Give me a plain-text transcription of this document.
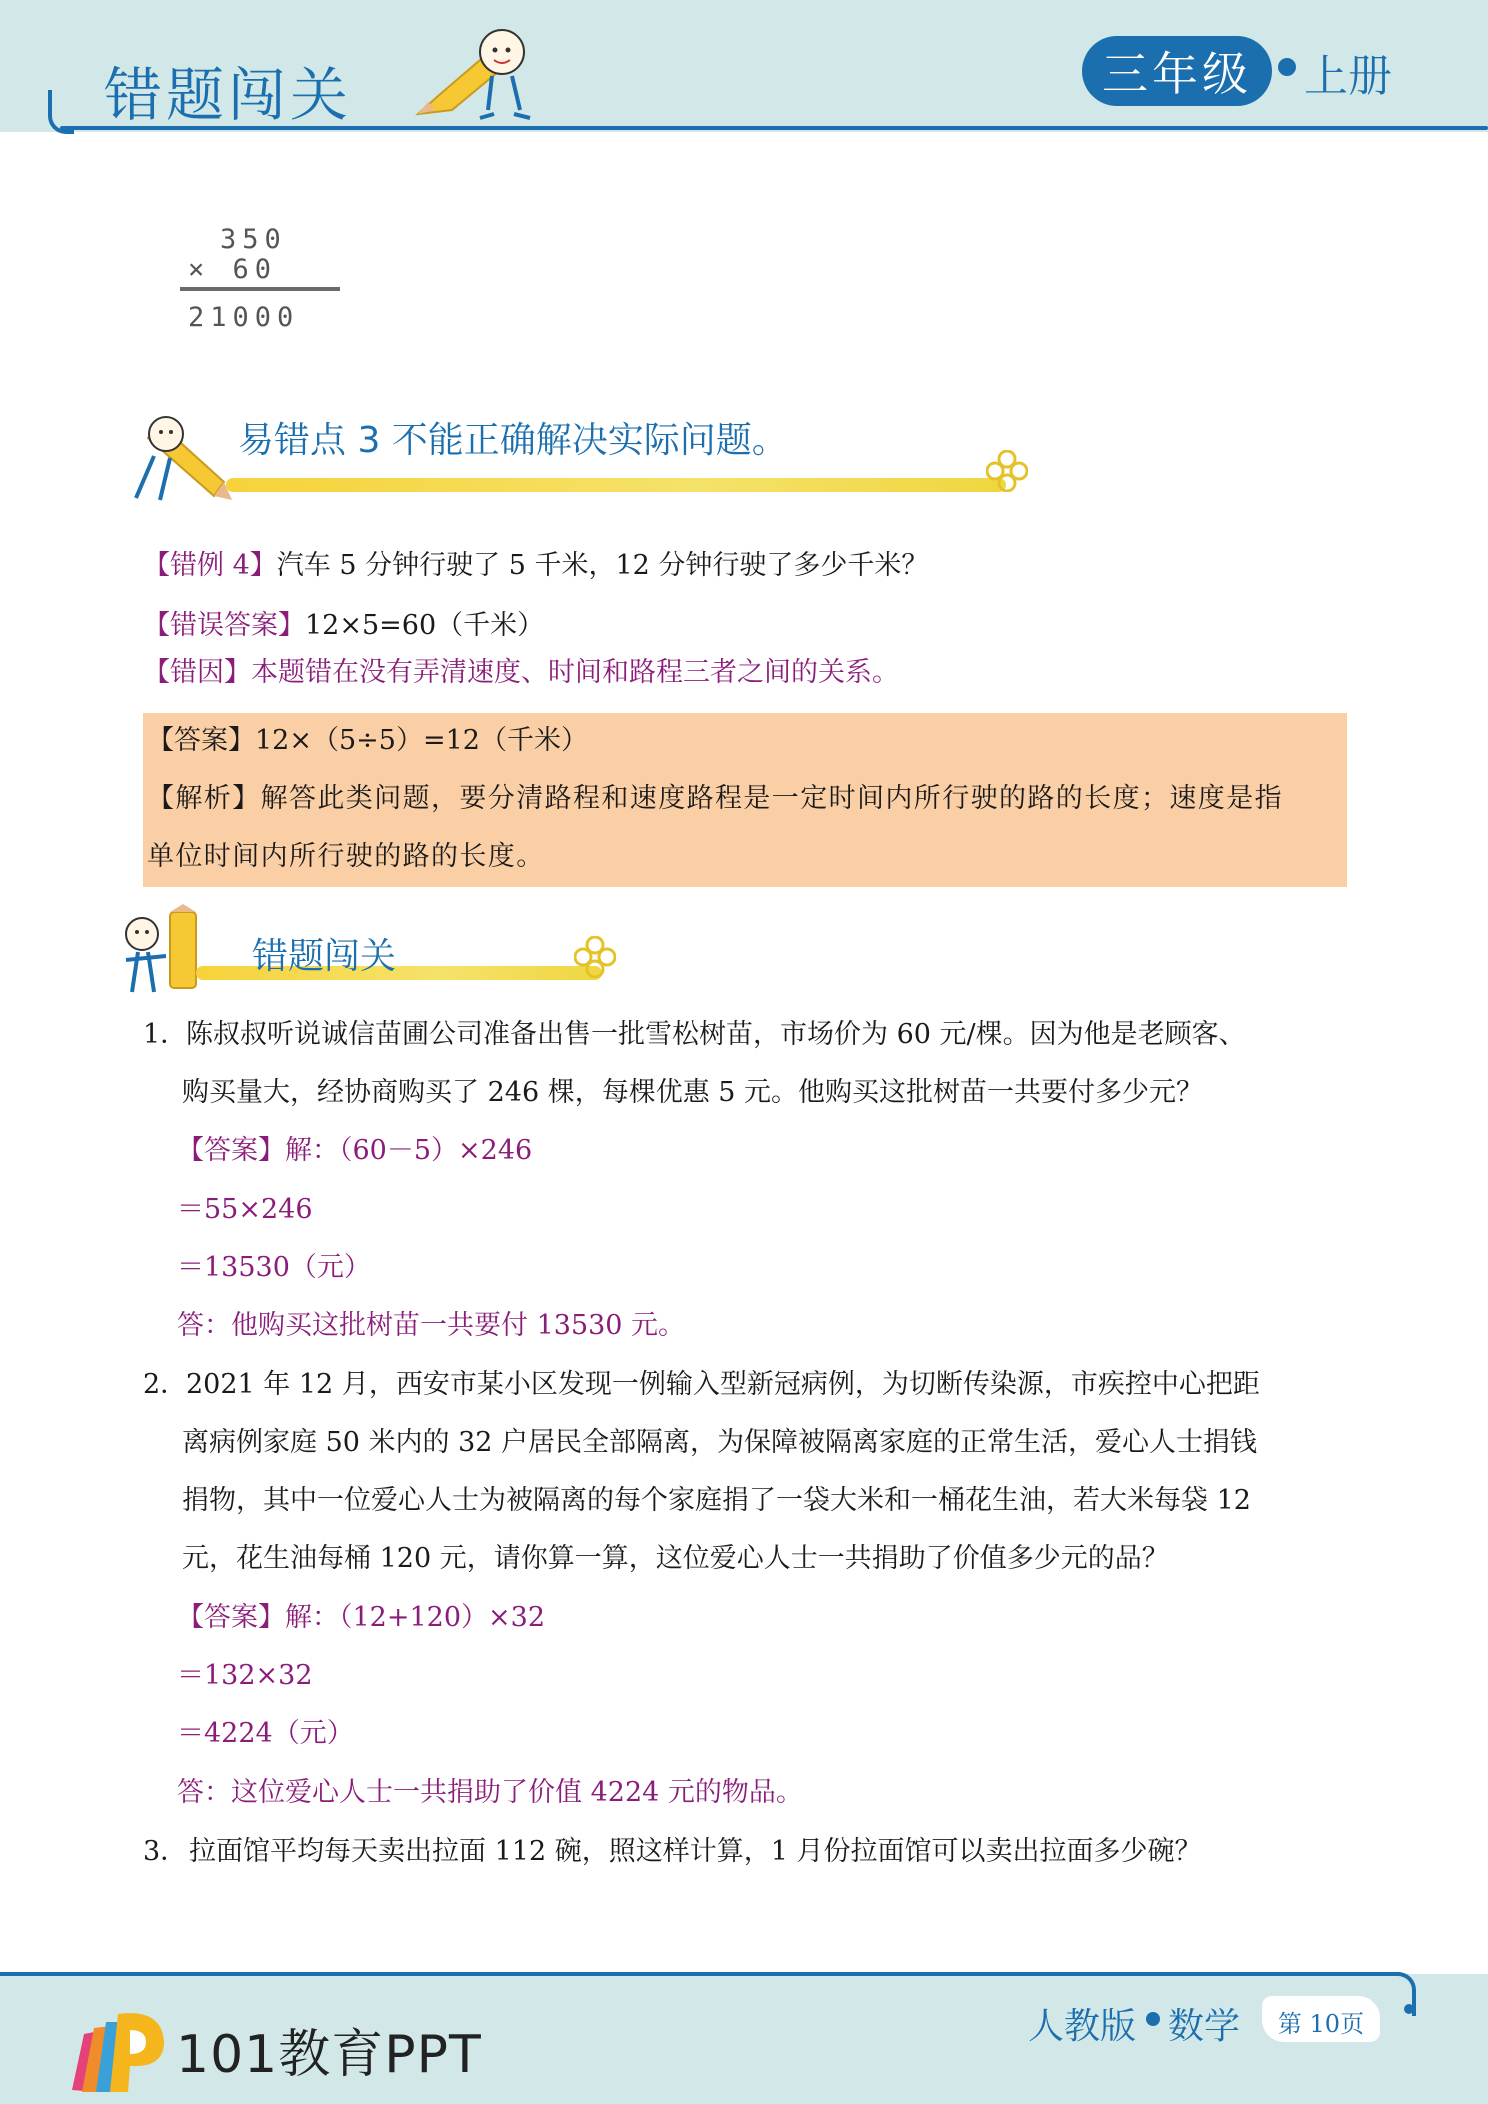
错题闯关	三年级	上册
350
× 60
21000
易错点 3 不能正确解决实际问题。
【错例 4】汽车 5 分钟行驶了 5 千米，12 分钟行驶了多少千米？
【错误答案】12×5=60（千米）
【错因】本题错在没有弄清速度、时间和路程三者之间的关系。
【答案】12×（5÷5）=12（千米）
【解析】解答此类问题，要分清路程和速度路程是一定时间内所行驶的路的长度；速度是指
单位时间内所行驶的路的长度。
错题闯关
1．
陈叔叔听说诚信苗圃公司准备出售一批雪松树苗，市场价为 60 元/棵。因为他是老顾客、
购买量大，经协商购买了 246 棵，每棵优惠 5 元。他购买这批树苗一共要付多少元？
【答案】解：（60－5）×246
＝55×246
＝13530（元）
答：他购买这批树苗一共要付 13530 元。
2．
2021 年 12 月，西安市某小区发现一例输入型新冠病例，为切断传染源，市疾控中心把距
离病例家庭 50 米内的 32 户居民全部隔离，为保障被隔离家庭的正常生活，爱心人士捐钱
捐物，其中一位爱心人士为被隔离的每个家庭捐了一袋大米和一桶花生油，若大米每袋 12
元，花生油每桶 120 元，请你算一算，这位爱心人士一共捐助了价值多少元的品？
【答案】解：（12+120）×32
＝132×32
＝4224（元）
答：这位爱心人士一共捐助了价值 4224 元的物品。
3． 拉面馆平均每天卖出拉面 112 碗，照这样计算，1 月份拉面馆可以卖出拉面多少碗？
101教育PPT	人教版 数学	第 10页
